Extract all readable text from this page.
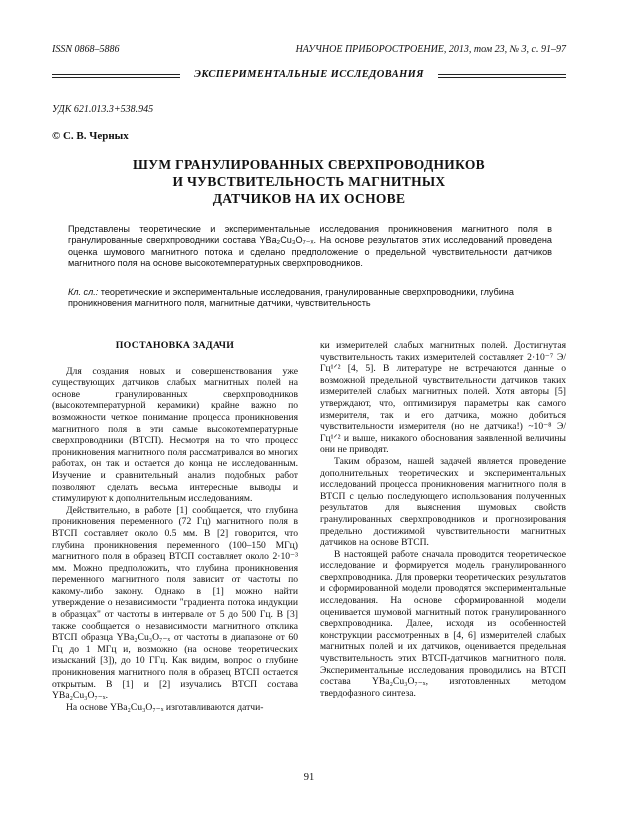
ISSN 0868–5886	НАУЧНОЕ ПРИБОРОСТРОЕНИЕ, 2013, том 23, № 3, c. 91–97
ЭКСПЕРИМЕНТАЛЬНЫЕ ИССЛЕДОВАНИЯ
УДК 621.013.3+538.945
© С. В. Черных
ШУМ ГРАНУЛИРОВАННЫХ СВЕРХПРОВОДНИКОВ
И ЧУВСТВИТЕЛЬНОСТЬ МАГНИТНЫХ
ДАТЧИКОВ НА ИХ ОСНОВЕ
Представлены теоретические и экспериментальные исследования проникновения магнитного поля в гранулированные сверхпроводники состава YBa₂Cu₃O₇₋ₓ. На основе результатов этих исследований проведена оценка шумового магнитного потока и сделано предположение о предельной чувствительности датчиков магнитного поля на основе высокотемпературных сверхпроводников.
Кл. сл.: теоретические и экспериментальные исследования, гранулированные сверхпроводники, глубина проникновения магнитного поля, магнитные датчики, чувствительность

ПОСТАНОВКА ЗАДАЧИ

Для создания новых и совершенствования уже существующих датчиков слабых магнитных полей на основе гранулированных сверхпроводников (высокотемпературной керамики) крайне важно по возможности четкое понимание процесса проникновения магнитного поля в эти самые высокотемпературные сверхпроводники (ВТСП). Несмотря на то что процесс проникновения магнитного поля рассматривался во многих работах, он так и остается до конца не исследованным. Изучение и сравнительный анализ подобных работ позволяют сделать весьма интересные выводы и стимулируют к дополнительным исследованиям.

Действительно, в работе [1] сообщается, что глубина проникновения переменного (72 Гц) магнитного поля в ВТСП составляет около 0.5 мм. В [2] говорится, что глубина проникновения переменного (100–150 МГц) магнитного поля в образец ВТСП составляет около 2·10⁻³ мм. Можно предположить, что глубина проникновения переменного магнитного поля зависит от частоты по какому-либо закону. Однако в [1] можно найти утверждение о независимости "градиента потока индукции в образцах" от частоты в интервале от 5 до 500 Гц. В [3] также сообщается о независимости магнитного отклика ВТСП образца YBa₂Cu₃O₇₋ₓ от частоты в диапазоне от 60 Гц до 1 МГц и, возможно (на основе теоретических изысканий [3]), до 10 ГГц. Как видим, вопрос о глубине проникновения магнитного поля в образец ВТСП остается открытым. В [1] и [2] изучались ВТСП состава YBa₂Cu₃O₇₋ₓ.

На основе YBa₂Cu₃O₇₋ₓ изготавливаются датчи-

ки измерителей слабых магнитных полей. Достигнутая чувствительность таких измерителей составляет 2·10⁻⁷ Э/Гц¹ᐟ² [4, 5]. В литературе не встречаются данные о возможной предельной чувствительности датчиков таких измерителей слабых магнитных полей. Хотя авторы [5] утверждают, что, оптимизируя параметры как самого измерителя, так и его датчика, можно добиться чувствительности измерителя (но не датчика!) ~10⁻⁸ Э/Гц¹ᐟ² и выше, никакого обоснования заявленной величины они не приводят.

Таким образом, нашей задачей является проведение дополнительных теоретических и экспериментальных исследований процесса проникновения магнитного поля в ВТСП с целью последующего использования полученных результатов для выяснения шумовых свойств гранулированных сверхпроводников и прогнозирования предельно достижимой чувствительности магнитных датчиков на основе ВТСП.

В настоящей работе сначала проводится теоретическое исследование и формируется модель гранулированного сверхпроводника. Для проверки теоретических результатов и сформированной модели проводятся экспериментальные исследования. На основе сформированной модели оценивается шумовой магнитный поток гранулированного сверхпроводника. Далее, исходя из особенностей конструкции рассмотренных в [4, 6] измерителей слабых магнитных полей и их датчиков, оценивается предельная чувствительность этих ВТСП-датчиков магнитного поля. Экспериментальные исследования проводились на ВТСП состава YBa₂Cu₃O₇₋ₓ, изготовленных методом твердофазного синтеза.

91
